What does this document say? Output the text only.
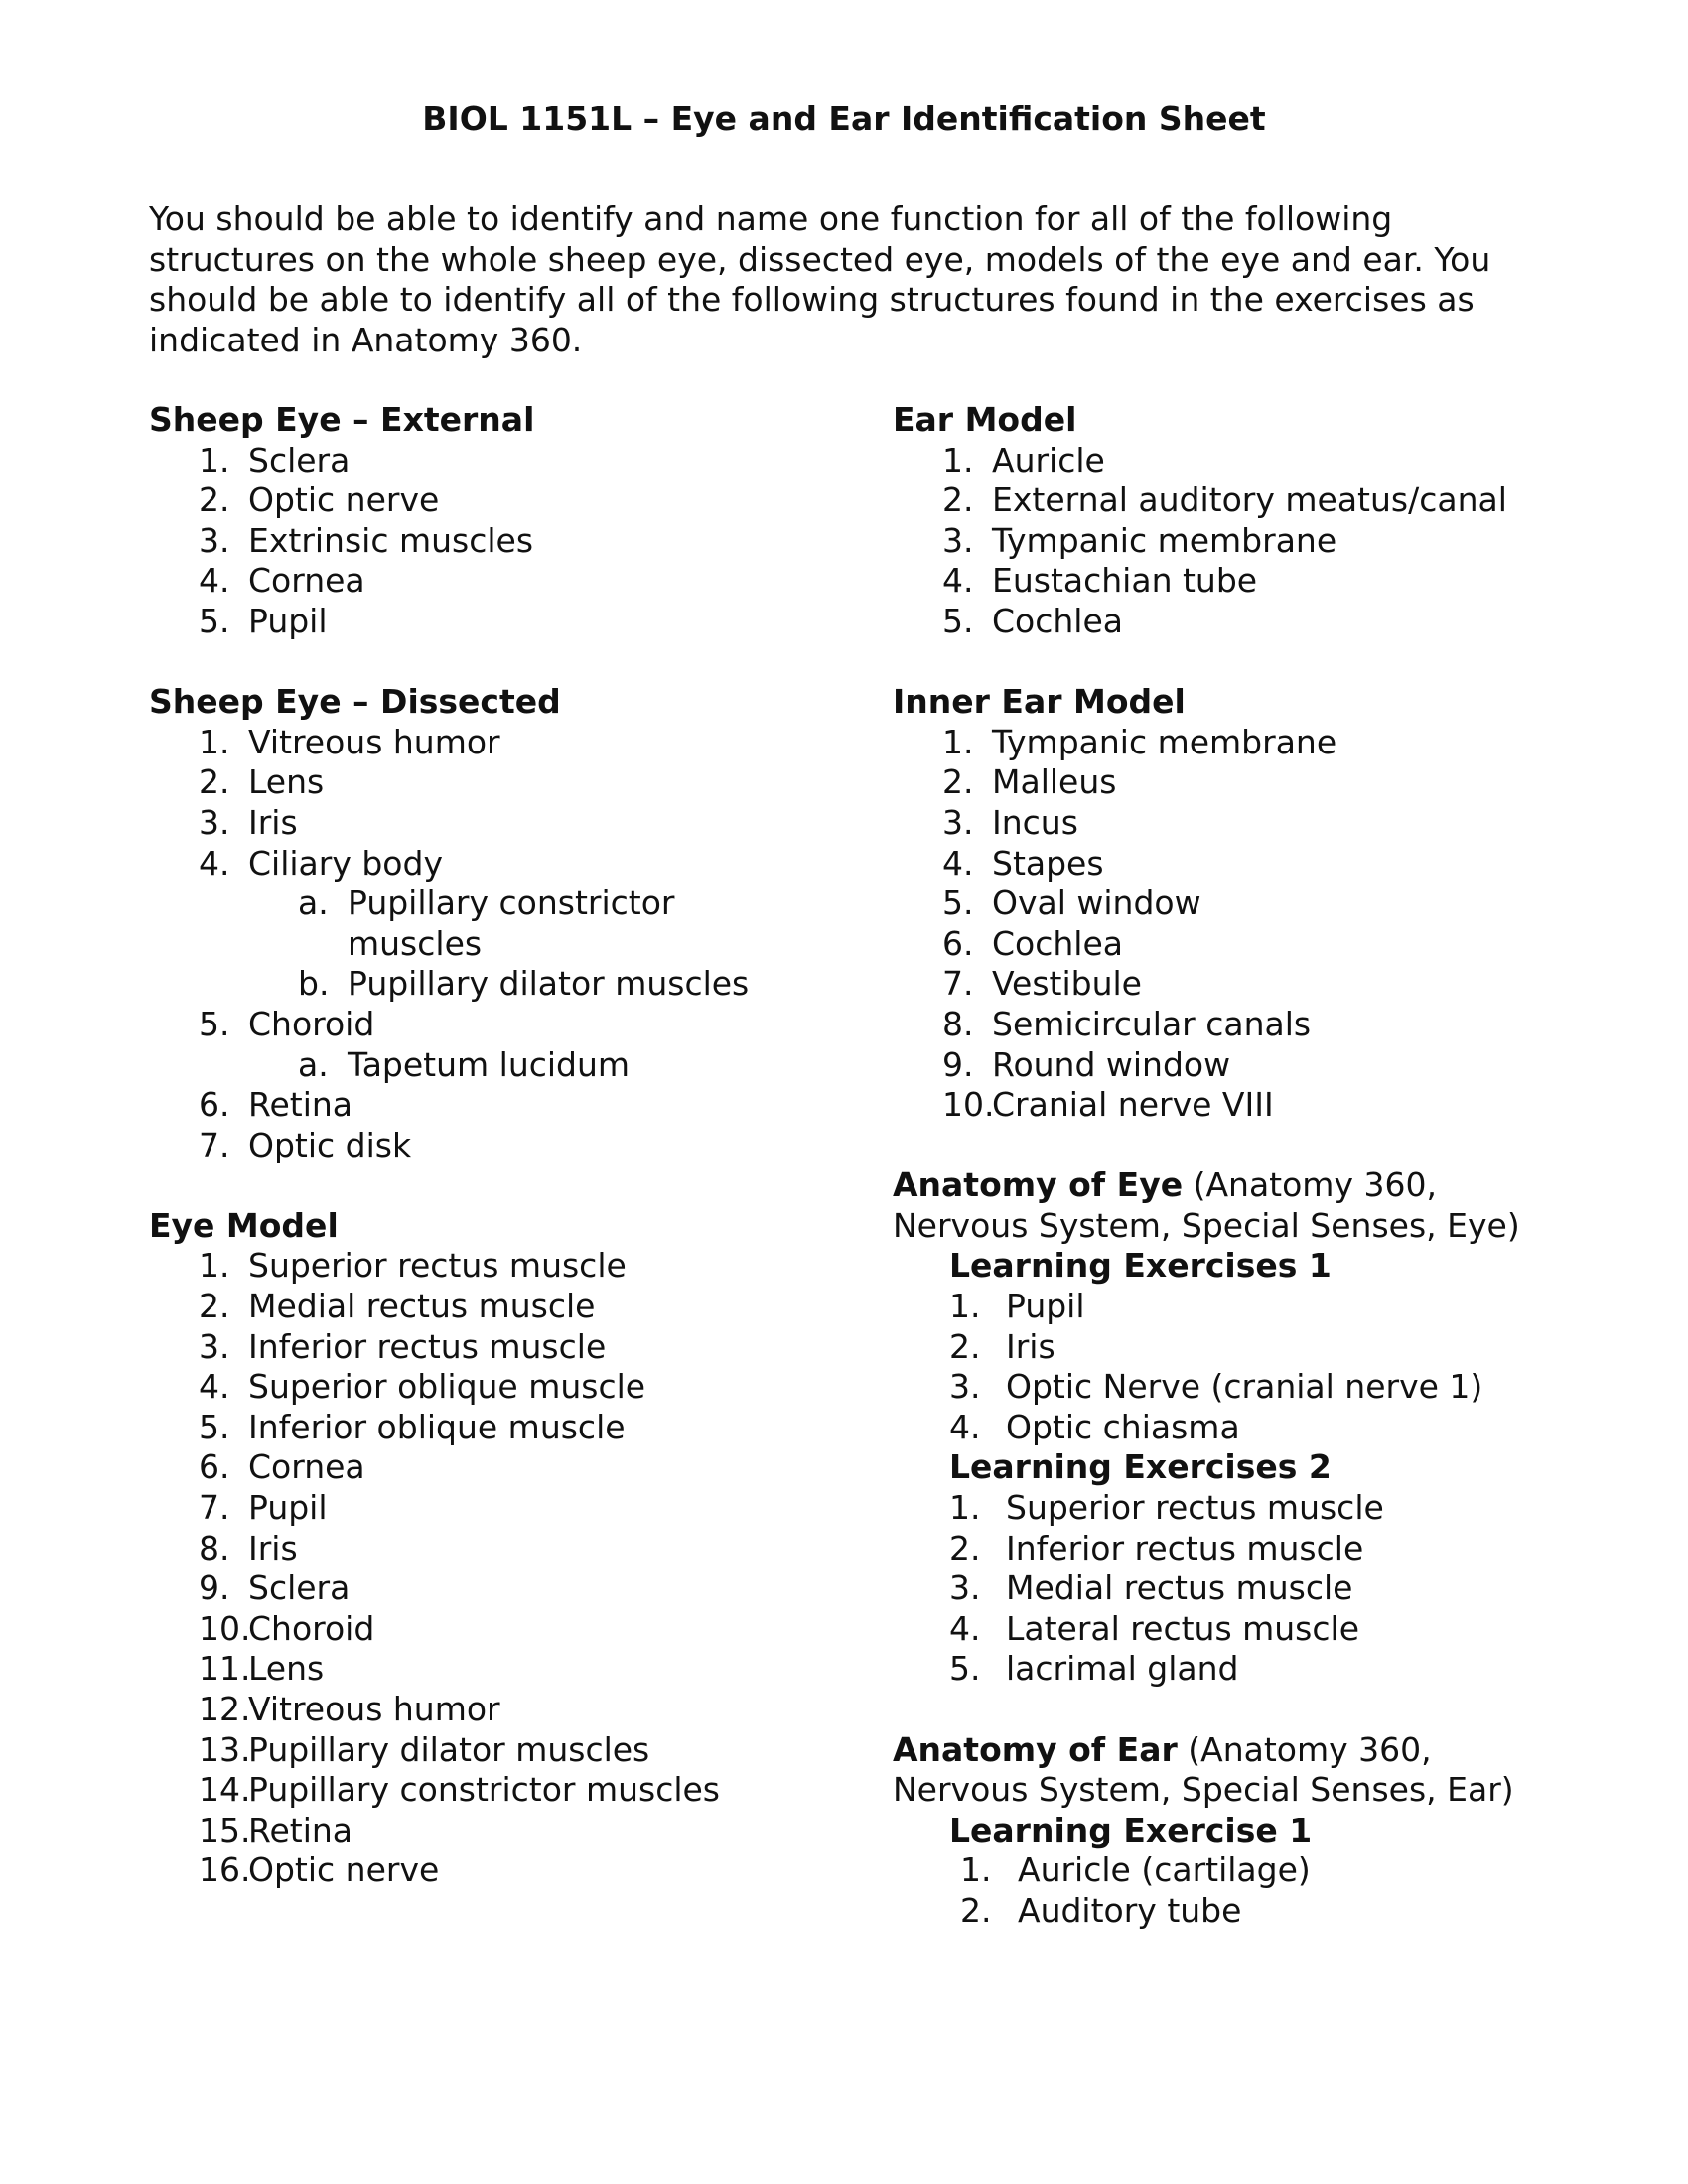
BIOL 1151L – Eye and Ear Identification Sheet

You should be able to identify and name one function for all of the following structures on the whole sheep eye, dissected eye, models of the eye and ear. You should be able to identify all of the following structures found in the exercises as indicated in Anatomy 360.

Sheep Eye – External
1. Sclera
2. Optic nerve
3. Extrinsic muscles
4. Cornea
5. Pupil
Sheep Eye – Dissected
1. Vitreous humor
2. Lens
3. Iris
4. Ciliary body
a. Pupillary constrictor
muscles
b. Pupillary dilator muscles
5. Choroid
a. Tapetum lucidum
6. Retina
7. Optic disk
Eye Model
1. Superior rectus muscle
2. Medial rectus muscle
3. Inferior rectus muscle
4. Superior oblique muscle
5. Inferior oblique muscle
6. Cornea
7. Pupil
8. Iris
9. Sclera
10.
Choroid
11.
Lens
12.
Vitreous humor
13.
Pupillary dilator muscles
14.
Pupillary constrictor muscles
15.
Retina
16.
Optic nerve
Ear Model
1. Auricle
2. External auditory meatus/canal
3. Tympanic membrane
4. Eustachian tube
5. Cochlea
Inner Ear Model
1. Tympanic membrane
2. Malleus
3. Incus
4. Stapes
5. Oval window
6. Cochlea
7. Vestibule
8. Semicircular canals
9. Round window
10.
Cranial nerve VIII
Anatomy of Eye (Anatomy 360,
Nervous System, Special Senses, Eye)
Learning Exercises 1
1. Pupil
2. Iris
3. Optic Nerve (cranial nerve 1)
4. Optic chiasma
Learning Exercises 2
1. Superior rectus muscle
2. Inferior rectus muscle
3. Medial rectus muscle
4. Lateral rectus muscle
5. lacrimal gland
Anatomy of Ear (Anatomy 360,
Nervous System, Special Senses, Ear)
Learning Exercise 1
1. Auricle (cartilage)
2. Auditory tube
